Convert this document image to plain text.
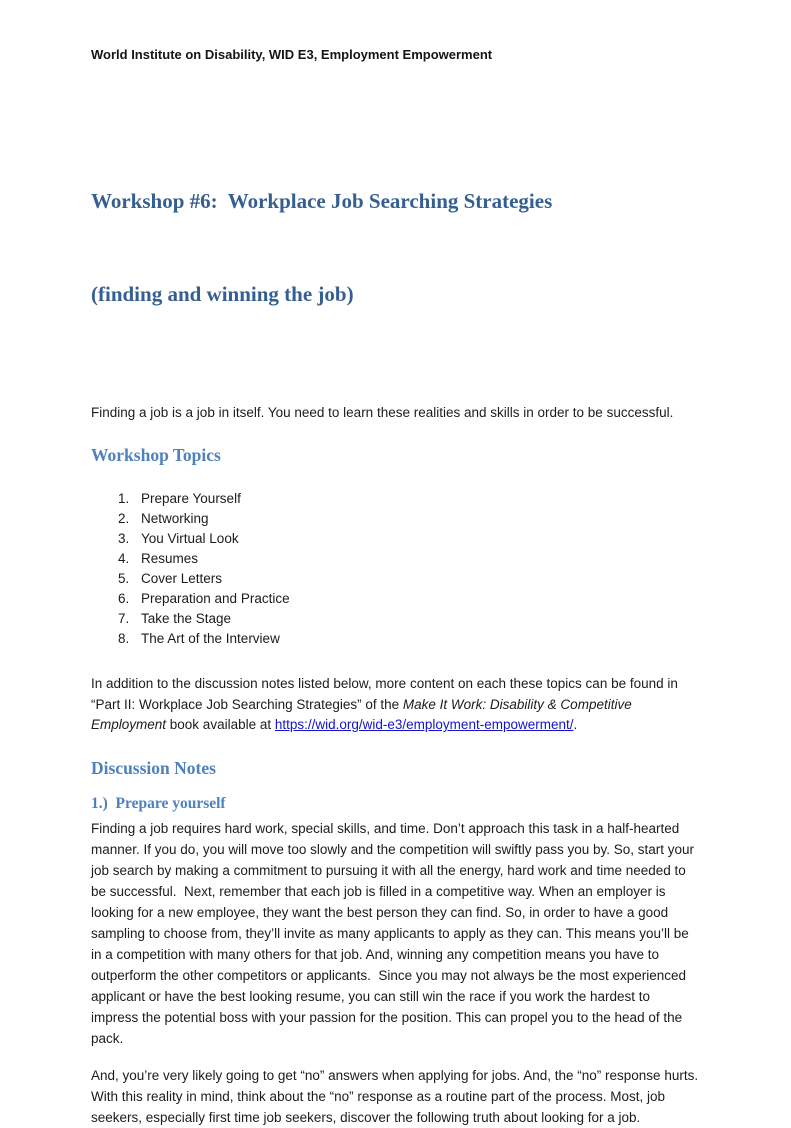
World Institute on Disability, WID E3, Employment Empowerment

Workshop #6:  Workplace Job Searching Strategies

(finding and winning the job)

Finding a job is a job in itself. You need to learn these realities and skills in order to be successful.
Workshop Topics
1. Prepare Yourself
2. Networking
3. You Virtual Look
4. Resumes
5. Cover Letters
6. Preparation and Practice
7. Take the Stage
8. The Art of the Interview
In addition to the discussion notes listed below, more content on each these topics can be found in “Part II: Workplace Job Searching Strategies” of the Make It Work: Disability & Competitive Employment book available at https://wid.org/wid-e3/employment-empowerment/.
Discussion Notes
1.)  Prepare yourself
Finding a job requires hard work, special skills, and time. Don’t approach this task in a half-hearted manner. If you do, you will move too slowly and the competition will swiftly pass you by. So, start your job search by making a commitment to pursuing it with all the energy, hard work and time needed to be successful.  Next, remember that each job is filled in a competitive way. When an employer is looking for a new employee, they want the best person they can find. So, in order to have a good sampling to choose from, they’ll invite as many applicants to apply as they can. This means you’ll be in a competition with many others for that job. And, winning any competition means you have to outperform the other competitors or applicants.  Since you may not always be the most experienced applicant or have the best looking resume, you can still win the race if you work the hardest to impress the potential boss with your passion for the position. This can propel you to the head of the pack.
And, you’re very likely going to get “no” answers when applying for jobs. And, the “no” response hurts. With this reality in mind, think about the “no” response as a routine part of the process. Most, job seekers, especially first time job seekers, discover the following truth about looking for a job.
